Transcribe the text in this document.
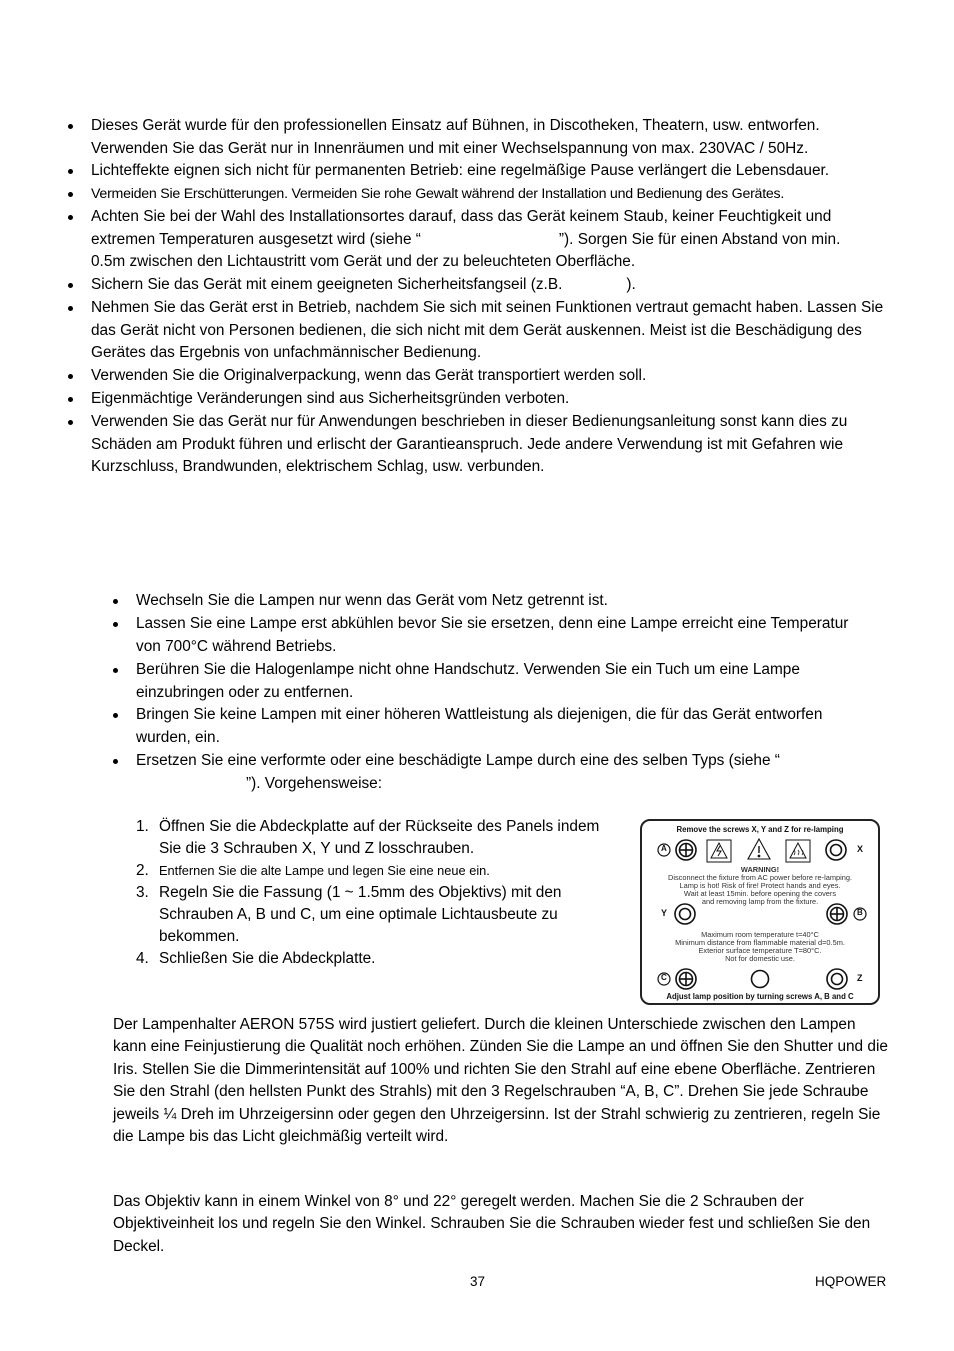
Dieses Gerät wurde für den professionellen Einsatz auf Bühnen, in Discotheken, Theatern, usw. entworfen. Verwenden Sie das Gerät nur in Innenräumen und mit einer Wechselspannung von max. 230VAC / 50Hz.
Lichteffekte eignen sich nicht für permanenten Betrieb: eine regelmäßige Pause verlängert die Lebensdauer.
Vermeiden Sie Erschütterungen. Vermeiden Sie rohe Gewalt während der Installation und Bedienung des Gerätes.
Achten Sie bei der Wahl des Installationsortes darauf, dass das Gerät keinem Staub, keiner Feuchtigkeit und
extremen Temperaturen ausgesetzt wird (siehe “	”). Sorgen Sie für einen Abstand von min.
0.5m zwischen den Lichtaustritt vom Gerät und der zu beleuchteten Oberfläche.
Sichern Sie das Gerät mit einem geeigneten Sicherheitsfangseil (z.B.	).
Nehmen Sie das Gerät erst in Betrieb, nachdem Sie sich mit seinen Funktionen vertraut gemacht haben. Lassen Sie das Gerät nicht von Personen bedienen, die sich nicht mit dem Gerät auskennen. Meist ist die Beschädigung des Gerätes das Ergebnis von unfachmännischer Bedienung.
Verwenden Sie die Originalverpackung, wenn das Gerät transportiert werden soll.
Eigenmächtige Veränderungen sind aus Sicherheitsgründen verboten.
Verwenden Sie das Gerät nur für Anwendungen beschrieben in dieser Bedienungsanleitung sonst kann dies zu Schäden am Produkt führen und erlischt der Garantieanspruch. Jede andere Verwendung ist mit Gefahren wie Kurzschluss, Brandwunden, elektrischem Schlag, usw. verbunden.
Wechseln Sie die Lampen nur wenn das Gerät vom Netz getrennt ist.
Lassen Sie eine Lampe erst abkühlen bevor Sie sie ersetzen, denn eine Lampe erreicht eine Temperatur von 700°C während Betriebs.
Berühren Sie die Halogenlampe nicht ohne Handschutz. Verwenden Sie ein Tuch um eine Lampe einzubringen oder zu entfernen.
Bringen Sie keine Lampen mit einer höheren Wattleistung als diejenigen, die für das Gerät entworfen wurden, ein.
Ersetzen Sie eine verformte oder eine beschädigte Lampe durch eine des selben Typs (siehe “
”). Vorgehensweise:
1. Öffnen Sie die Abdeckplatte auf der Rückseite des Panels indem Sie die 3 Schrauben X, Y und Z losschrauben.
2. Entfernen Sie die alte Lampe und legen Sie eine neue ein.
3. Regeln Sie die Fassung (1 ~ 1.5mm des Objektivs) mit den Schrauben A, B und C, um eine optimale Lichtausbeute zu bekommen.
4. Schließen Sie die Abdeckplatte.
Remove the screws X, Y and Z for re-lamping
A	X
Y	B
C	Z
WARNING!
Disconnect the fixture from AC power before re-lamping.
Lamp is hot! Risk of fire! Protect hands and eyes.
Wait at least 15min. before opening the covers
and removing lamp from the fixture.
Maximum room temperature t=40°C
Minimum distance from flammable material d=0.5m.
Exterior surface temperature T=80°C.
Not for domestic use.
Adjust lamp position by turning screws A, B and C
Der Lampenhalter AERON 575S wird justiert geliefert. Durch die kleinen Unterschiede zwischen den Lampen kann eine Feinjustierung die Qualität noch erhöhen. Zünden Sie die Lampe an und öffnen Sie den Shutter und die Iris. Stellen Sie die Dimmerintensität auf 100% und richten Sie den Strahl auf eine ebene Oberfläche. Zentrieren Sie den Strahl (den hellsten Punkt des Strahls) mit den 3 Regelschrauben “A, B, C”. Drehen Sie jede Schraube jeweils ¼ Dreh im Uhrzeigersinn oder gegen den Uhrzeigersinn. Ist der Strahl schwierig zu zentrieren, regeln Sie die Lampe bis das Licht gleichmäßig verteilt wird.
Das Objektiv kann in einem Winkel von 8° und 22° geregelt werden. Machen Sie die 2 Schrauben der Objektiveinheit los und regeln Sie den Winkel. Schrauben Sie die Schrauben wieder fest und schließen Sie den Deckel.
37	HQPOWER
